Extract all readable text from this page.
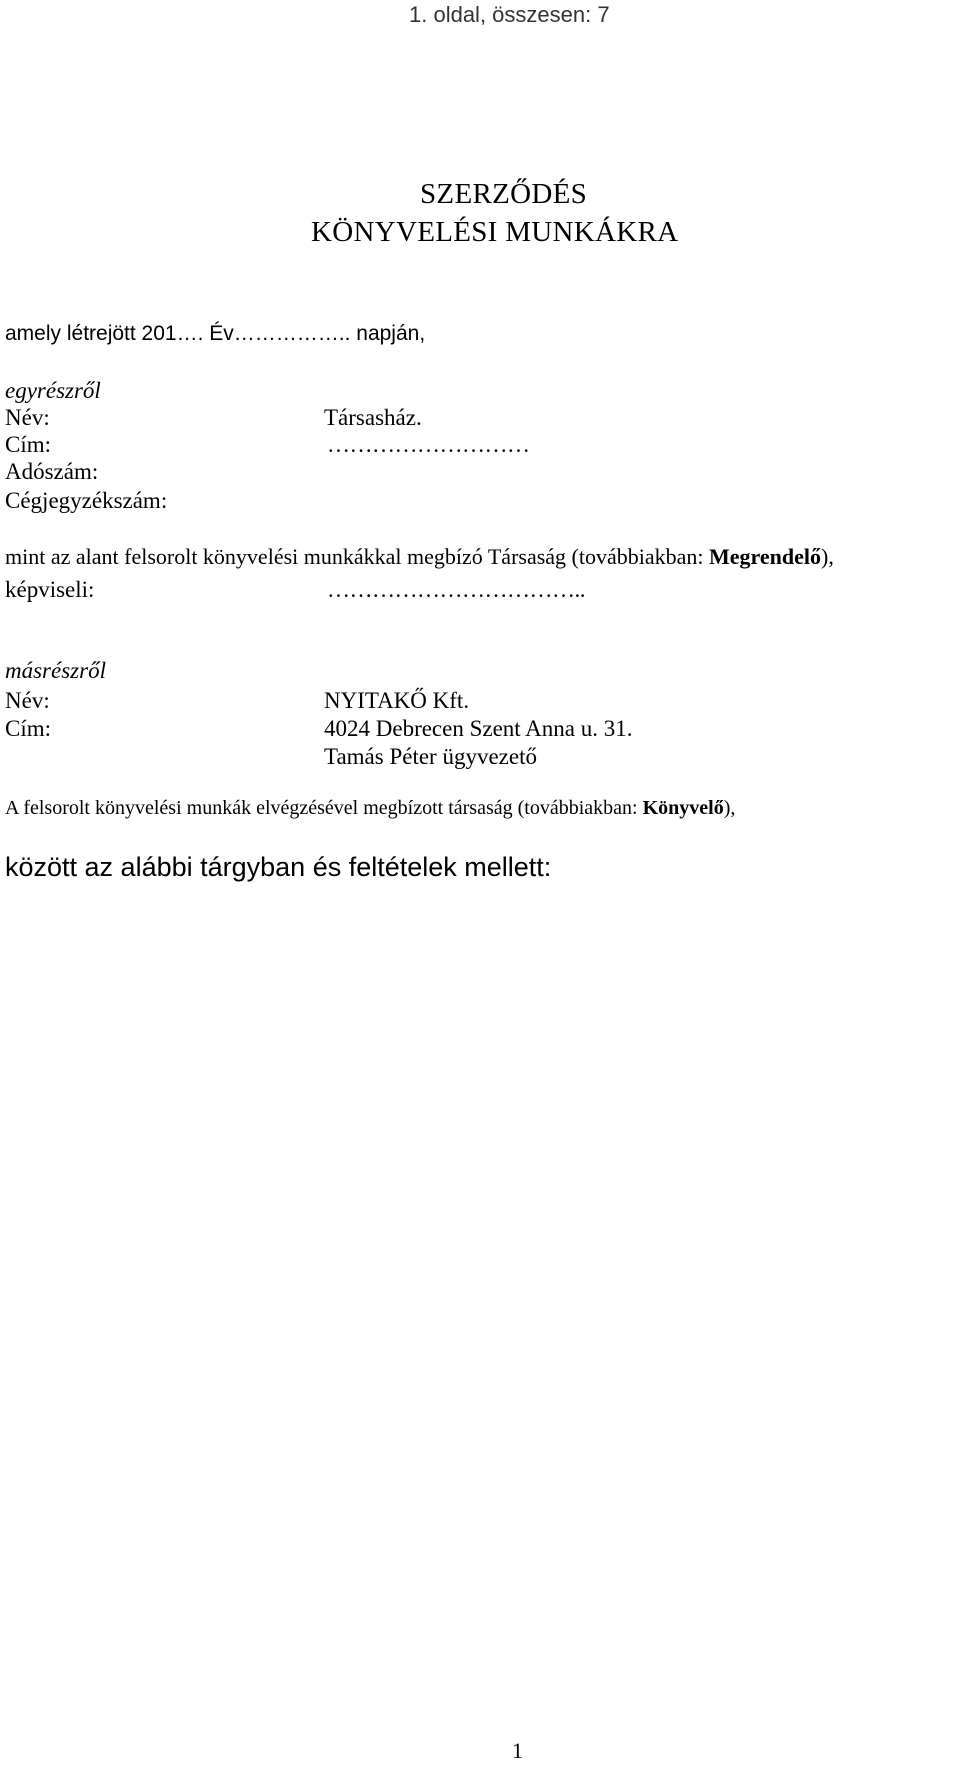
1. oldal, összesen: 7
SZERZŐDÉS
KÖNYVELÉSI MUNKÁKRA
amely létrejött 201…. Év…………….. napján,
egyrészről
Név:	Társasház.
Cím:	………………………
Adószám:
Cégjegyzékszám:
mint az alant felsorolt könyvelési munkákkal megbízó Társaság (továbbiakban: Megrendelő),
képviseli:	……………………………..
másrészről
Név:	NYITAKŐ Kft.
Cím:	4024 Debrecen Szent Anna u. 31.
Tamás Péter ügyvezető
A felsorolt könyvelési munkák elvégzésével megbízott társaság (továbbiakban: Könyvelő),
között az alábbi tárgyban és feltételek mellett:
1
